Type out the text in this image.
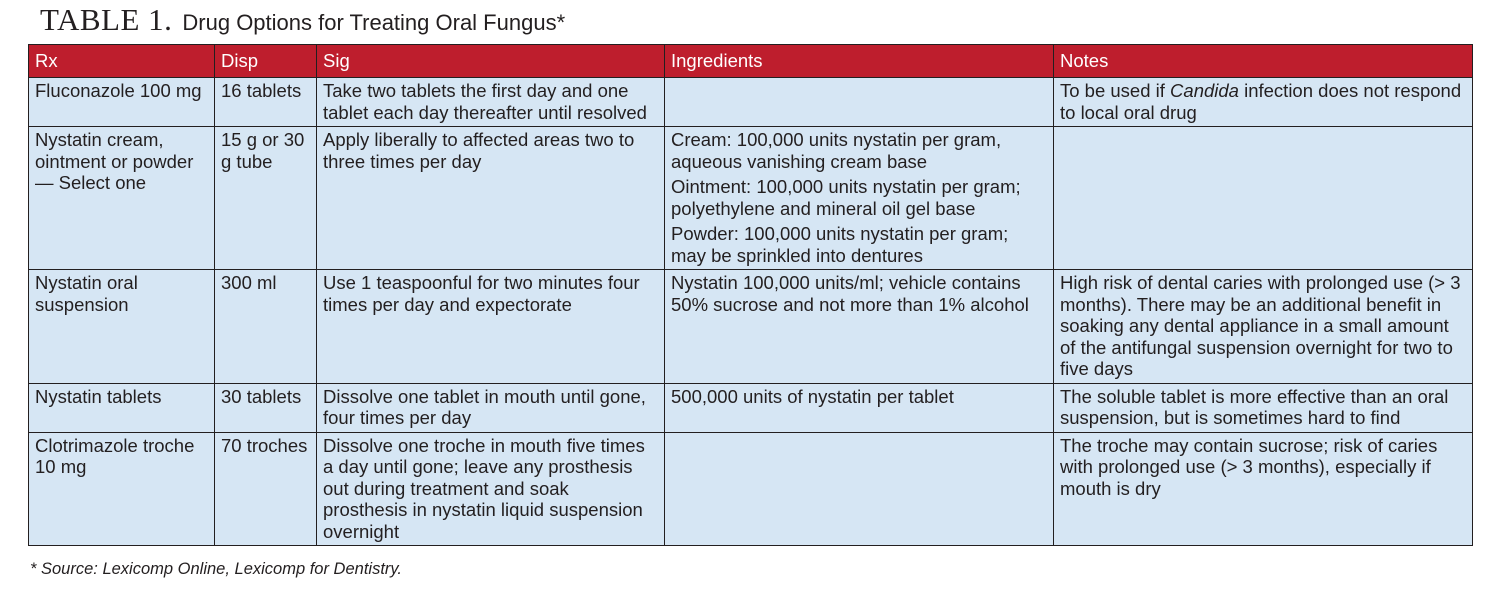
TABLE 1. Drug Options for Treating Oral Fungus*
Rx	Disp	Sig	Ingredients	Notes
Fluconazole 100 mg	16 tablets	Take two tablets the first day and one tablet each day thereafter until resolved		To be used if Candida infection does not respond to local oral drug
Nystatin cream, ointment or powder — Select one	15 g or 30 g tube	Apply liberally to affected areas two to three times per day	Cream: 100,000 units nystatin per gram, aqueous vanishing cream base
Ointment: 100,000 units nystatin per gram; polyethylene and mineral oil gel base
Powder: 100,000 units nystatin per gram; may be sprinkled into dentures	

Nystatin oral suspension	300 ml	Use 1 teaspoonful for two minutes four times per day and expectorate	Nystatin 100,000 units/ml; vehicle contains 50% sucrose and not more than 1% alcohol	High risk of dental caries with prolonged use (> 3 months). There may be an additional benefit in soaking any dental appliance in a small amount of the antifungal suspension overnight for two to five days
Nystatin tablets	30 tablets	Dissolve one tablet in mouth until gone, four times per day	500,000 units of nystatin per tablet	The soluble tablet is more effective than an oral suspension, but is sometimes hard to find
Clotrimazole troche 10 mg	70 troches	Dissolve one troche in mouth five times a day until gone; leave any prosthesis out during treatment and soak prosthesis in nystatin liquid suspension overnight		The troche may contain sucrose; risk of caries with prolonged use (> 3 months), especially if mouth is dry
* Source: Lexicomp Online, Lexicomp for Dentistry.
